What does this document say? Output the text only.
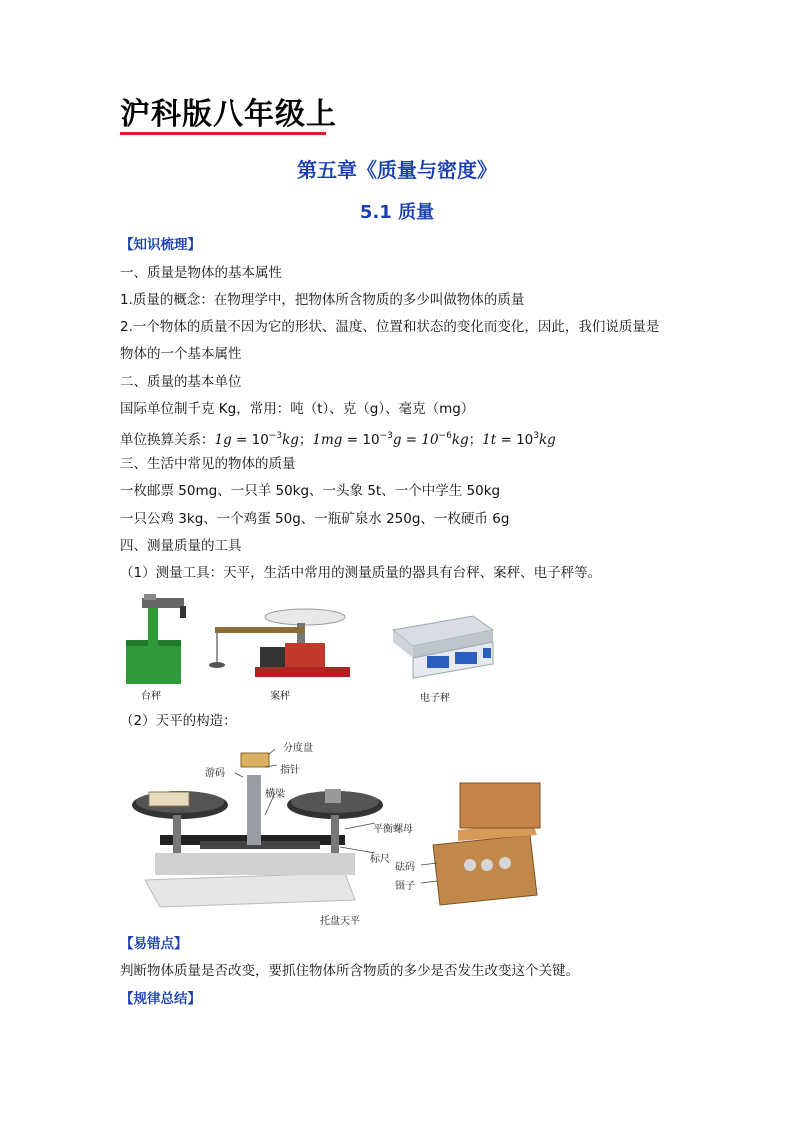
沪科版八年级上
第五章《质量与密度》
5.1 质量
【知识梳理】
一、质量是物体的基本属性
1.质量的概念：在物理学中，把物体所含物质的多少叫做物体的质量
2.一个物体的质量不因为它的形状、温度、位置和状态的变化而变化，因此，我们说质量是
物体的一个基本属性
二、质量的基本单位
国际单位制千克 Kg，常用：吨（t）、克（g）、毫克（mg）
单位换算关系：$1g = 10^{-3}kg$；$1mg = 10^{-3}g = 10^{-6}kg$；$1t = 10^3kg$
三、生活中常见的物体的质量
一枚邮票 50mg、一只羊 50kg、一头象 5t、一个中学生 50kg
一只公鸡 3kg、一个鸡蛋 50g、一瓶矿泉水 250g、一枚硬币 6g
四、测量质量的工具
（1）测量工具：天平，生活中常用的测量质量的器具有台秤、案秤、电子秤等。
台秤	案秤	电子秤
（2）天平的构造：
分度盘
游码	指针
横梁
平衡螺母
标尺
砝码
镊子
托盘天平
【易错点】
判断物体质量是否改变，要抓住物体所含物质的多少是否发生改变这个关键。
【规律总结】
